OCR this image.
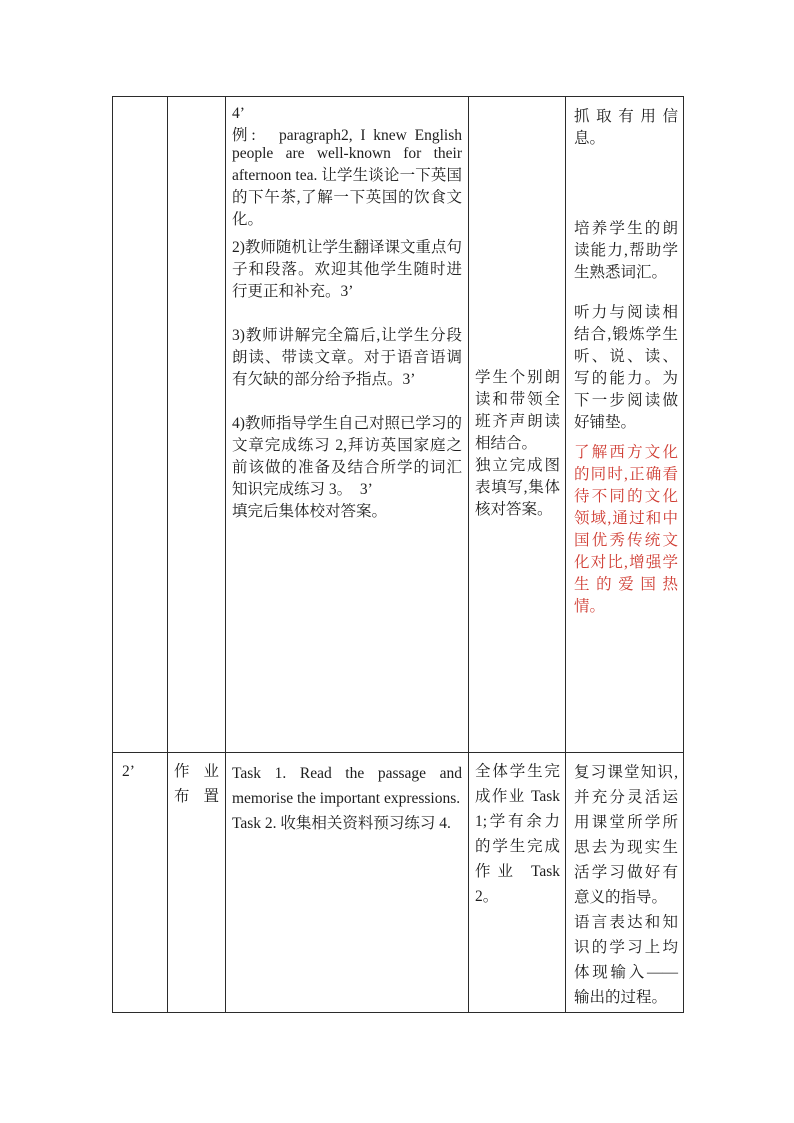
4’

例:　paragraph2, I knew English people are well-known for their afternoon tea. 让学生谈论一下英国的下午茶,了解一下英国的饮食文化。

2)教师随机让学生翻译课文重点句子和段落。欢迎其他学生随时进行更正和补充。3’

3)教师讲解完全篇后,让学生分段朗读、带读文章。对于语音语调有欠缺的部分给予指点。3’

4)教师指导学生自己对照已学习的文章完成练习 2,拜访英国家庭之前该做的准备及结合所学的词汇知识完成练习 3。　3’

填完后集体校对答案。

学生个别朗读和带领全班齐声朗读相结合。

独立完成图表填写,集体核对答案。

抓取有用信息。

培养学生的朗读能力,帮助学生熟悉词汇。

听力与阅读相结合,锻炼学生听、说、读、写的能力。为下一步阅读做好铺垫。

了解西方文化的同时,正确看待不同的文化领域,通过和中国优秀传统文化对比,增强学生的爱国热情。

2’	作 业

布 置

Task 1. Read the passage and memorise the important expressions.

Task 2. 收集相关资料预习练习 4.

全体学生完成作业 Task 1;学有余力的学生完成作业 Task 2。

复习课堂知识,并充分灵活运用课堂所学所思去为现实生活学习做好有意义的指导。

语言表达和知识的学习上均体现输入——输出的过程。
